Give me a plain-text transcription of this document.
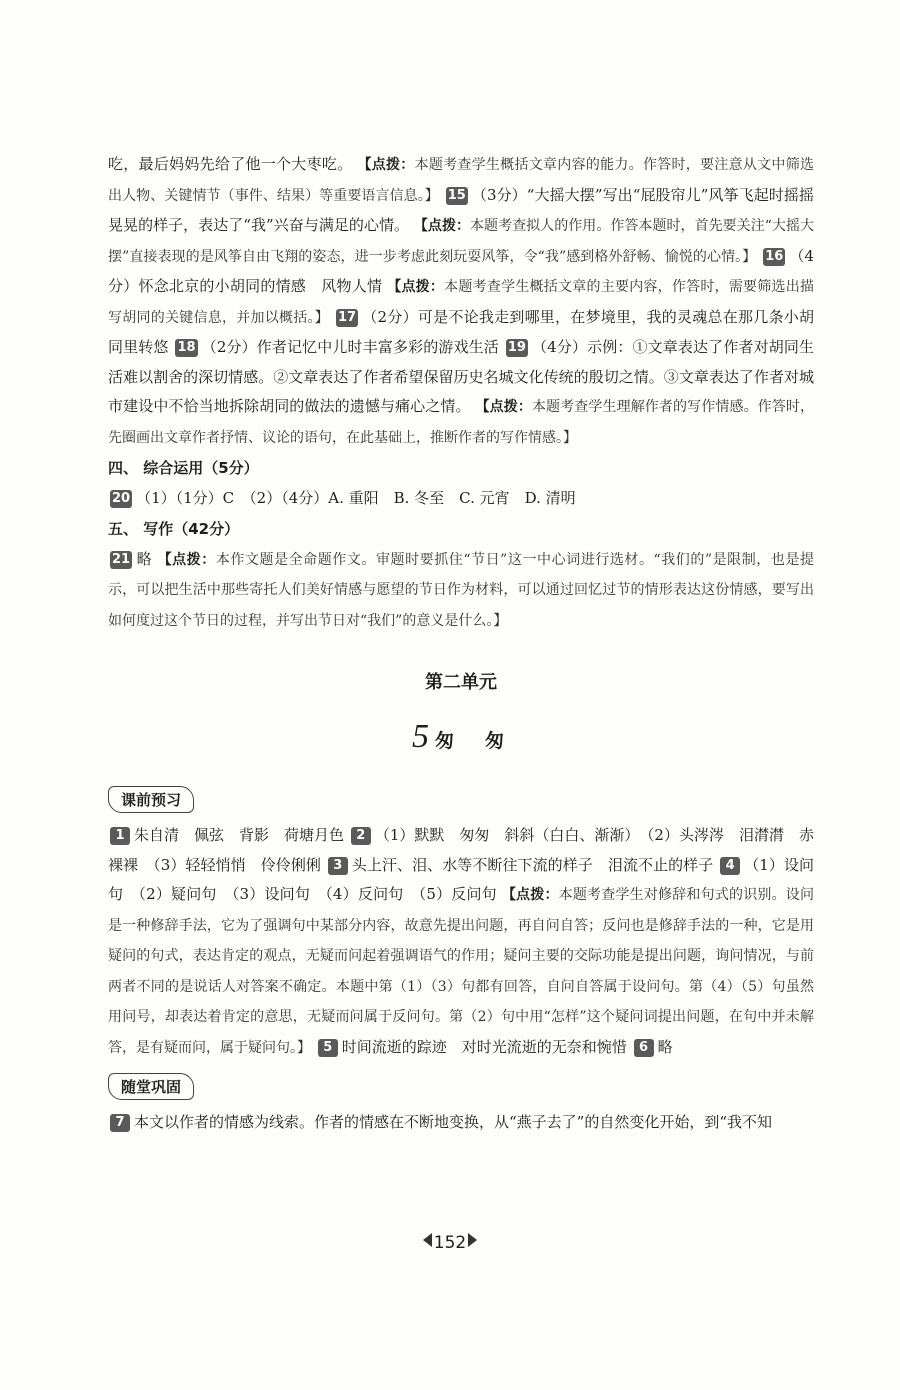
吃，最后妈妈先给了他一个大枣吃。 【点拨：本题考查学生概括文章内容的能力。作答时，要注意从文中筛选出人物、关键情节（事件、结果）等重要语言信息。】 15 （3分）“大摇大摆”写出“屁股帘儿”风筝飞起时摇摇晃晃的样子，表达了“我”兴奋与满足的心情。 【点拨：本题考查拟人的作用。作答本题时，首先要关注“大摇大摆”直接表现的是风筝自由飞翔的姿态，进一步考虑此刻玩耍风筝，令“我”感到格外舒畅、愉悦的心情。】 16 （4分）怀念北京的小胡同的情感　风物人情 【点拨：本题考查学生概括文章的主要内容，作答时，需要筛选出描写胡同的关键信息，并加以概括。】 17 （2分）可是不论我走到哪里，在梦境里，我的灵魂总在那几条小胡同里转悠 18 （2分）作者记忆中儿时丰富多彩的游戏生活 19 （4分）示例：①文章表达了作者对胡同生活难以割舍的深切情感。②文章表达了作者希望保留历史名城文化传统的殷切之情。③文章表达了作者对城市建设中不恰当地拆除胡同的做法的遗憾与痛心之情。 【点拨：本题考查学生理解作者的写作情感。作答时，先圈画出文章作者抒情、议论的语句，在此基础上，推断作者的写作情感。】

四、 综合运用（5分）

20 （1）（1分）C　（2）（4分）A. 重阳　B. 冬至　C. 元宵　D. 清明

五、 写作（42分）

21 略 【点拨：本作文题是全命题作文。审题时要抓住“节日”这一中心词进行选材。“我们的”是限制，也是提示，可以把生活中那些寄托人们美好情感与愿望的节日作为材料，可以通过回忆过节的情形表达这份情感，要写出如何度过这个节日的过程，并写出节日对“我们”的意义是什么。】

第二单元
5 匆　匆
课前预习

1 朱自清　佩弦　背影　荷塘月色 2 （1）默默　匆匆　斜斜（白白、渐渐）　（2）头涔涔　泪潸潸　赤裸裸　（3）轻轻悄悄　伶伶俐俐 3 头上汗、泪、水等不断往下流的样子　泪流不止的样子 4 （1）设问句　（2）疑问句　（3）设问句　（4）反问句　（5）反问句 【点拨：本题考查学生对修辞和句式的识别。设问是一种修辞手法，它为了强调句中某部分内容，故意先提出问题，再自问自答；反问也是修辞手法的一种，它是用疑问的句式，表达肯定的观点，无疑而问起着强调语气的作用；疑问主要的交际功能是提出问题，询问情况，与前两者不同的是说话人对答案不确定。本题中第（1）（3）句都有回答，自问自答属于设问句。第（4）（5）句虽然用问号，却表达着肯定的意思，无疑而问属于反问句。第（2）句中用“怎样”这个疑问词提出问题，在句中并未解答，是有疑而问，属于疑问句。】 5 时间流逝的踪迹　对时光流逝的无奈和惋惜 6 略

随堂巩固

7 本文以作者的情感为线索。作者的情感在不断地变换，从“燕子去了”的自然变化开始，到“我不知

152
